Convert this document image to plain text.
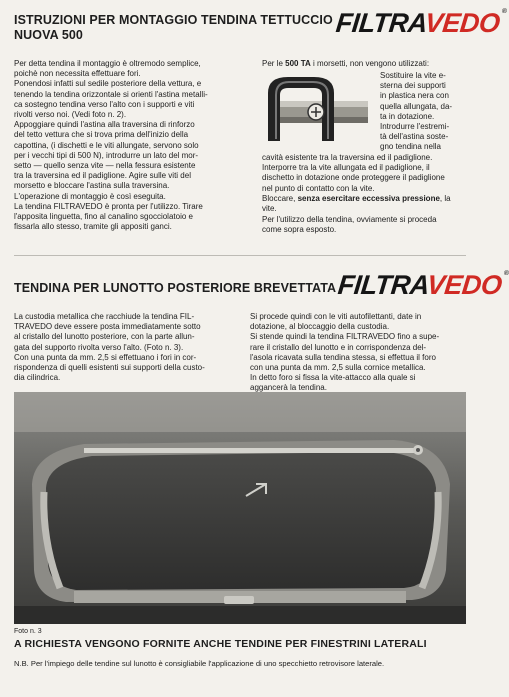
ISTRUZIONI PER MONTAGGIO TENDINA TETTUCCIO
NUOVA 500	FILTRAVEDO®
Per detta tendina il montaggio è oltremodo semplice,
poichè non necessita effettuare fori.
Ponendosi infatti sul sedile posteriore della vettura, e
tenendo la tendina orizzontale si orienti l'astina metalli-
ca sostegno tendina verso l'alto con i supporti e viti
rivolti verso noi. (Vedi foto n. 2).
Appoggiare quindi l'astina alla traversina di rinforzo
del tetto vettura che si trova prima dell'inizio della
capottina, (i dischetti e le viti allungate, servono solo
per i vecchi tipi di 500 N), introdurre un lato del mor-
setto — quello senza vite — nella fessura esistente
tra la traversina ed il padiglione. Agire sulle viti del
morsetto e bloccare l'astina sulla traversina.
L'operazione di montaggio è così eseguita.
La tendina FILTRAVEDO è pronta per l'utilizzo. Tirare
l'apposita linguetta, fino al canalino sgocciolatoio e
fissarla allo stesso, tramite gli appositi ganci.
Per le 500 TA i morsetti, non vengono utilizzati:
Sostituire la vite e-
sterna dei supporti
in plastica nera con
quella allungata, da-
ta in dotazione.
Introdurre l'estremi-
tà dell'astina soste-
gno tendina nella
cavità esistente tra la traversina ed il padiglione.
Interporre tra la vite allungata ed il padiglione, il
dischetto in dotazione onde proteggere il padiglione
nel punto di contatto con la vite.
Bloccare, senza esercitare eccessiva pressione, la
vite.
Per l'utilizzo della tendina, ovviamente si proceda
come sopra esposto.
TENDINA PER LUNOTTO POSTERIORE BREVETTATA FILTRAVEDO®
La custodia metallica che racchiude la tendina FIL-
TRAVEDO deve essere posta immediatamente sotto
al cristallo del lunotto posteriore, con la parte allun-
gata del supporto rivolta verso l'alto. (Foto n. 3).
Con una punta da mm. 2,5 si effettuano i fori in cor-
rispondenza di quelli esistenti sui supporti della custo-
dia cilindrica.
Si procede quindi con le viti autofilettanti, date in
dotazione, al bloccaggio della custodia.
Si stende quindi la tendina FILTRAVEDO fino a supe-
rare il cristallo del lunotto e in corrispondenza del-
l'asola ricavata sulla tendina stessa, si effettua il foro
con una punta da mm. 2,5 sulla cornice metallica.
In detto foro si fissa la vite-attacco alla quale si
aggancerà la tendina.
Foto n. 3
A RICHIESTA VENGONO FORNITE ANCHE TENDINE PER FINESTRINI LATERALI
N.B. Per l'impiego delle tendine sul lunotto è consigliabile l'applicazione di uno specchietto retrovisore laterale.
